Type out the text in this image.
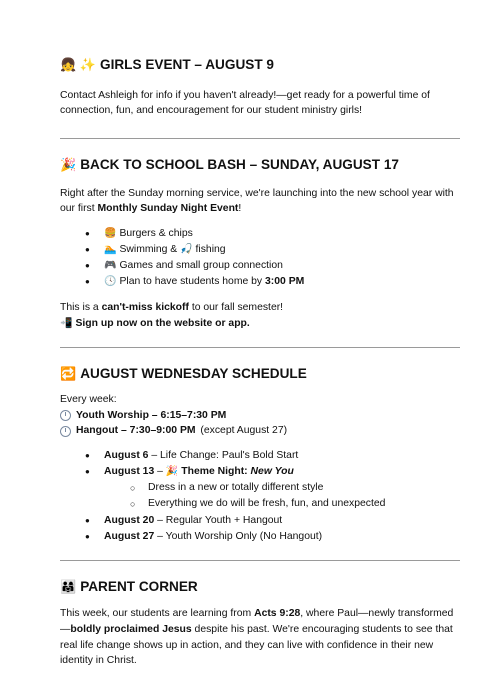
👧 ✨ GIRLS EVENT – AUGUST 9

Contact Ashleigh for info if you haven't already!—get ready for a powerful time of connection, fun, and encouragement for our student ministry girls!

🎉 BACK TO SCHOOL BASH – SUNDAY, AUGUST 17

Right after the Sunday morning service, we're launching into the new school year with our first Monthly Sunday Night Event!

● 🍔 Burgers & chips
● 🏊 Swimming & 🎣 fishing
● 🎮 Games and small group connection
● 🕓 Plan to have students home by 3:00 PM

This is a can't-miss kickoff to our fall semester!

📲 Sign up now on the website or app.

🔁 AUGUST WEDNESDAY SCHEDULE

Every week:

Youth Worship – 6:15–7:30 PM

Hangout – 7:30–9:00 PM (except August 27)

● August 6 – Life Change: Paul's Bold Start
● August 13 – 🎉 Theme Night: New You
○ Dress in a new or totally different style
○ Everything we do will be fresh, fun, and unexpected
● August 20 – Regular Youth + Hangout
● August 27 – Youth Worship Only (No Hangout)
👨‍👩‍👧 PARENT CORNER

This week, our students are learning from Acts 9:28, where Paul—newly transformed—boldly proclaimed Jesus despite his past. We're encouraging students to see that real life change shows up in action, and they can live with confidence in their new identity in Christ.
